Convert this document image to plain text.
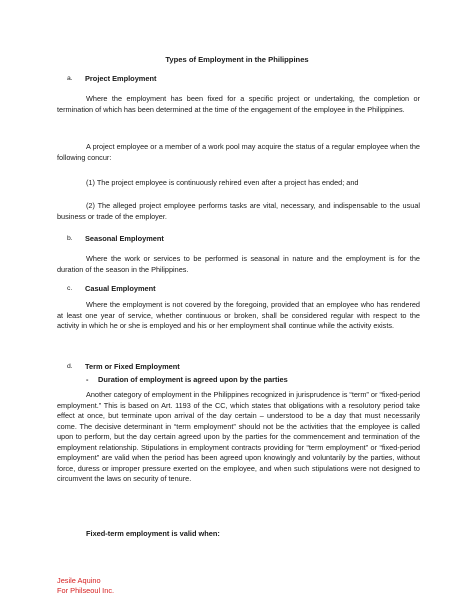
Types of Employment in the Philippines
a. Project Employment

Where the employment has been fixed for a specific project or undertaking, the completion or termination of which has been determined at the time of the engagement of the employee in the Philippines.

A project employee or a member of a work pool may acquire the status of a regular employee when the following concur:

(1) The project employee is continuously rehired even after a project has ended; and

(2) The alleged project employee performs tasks are vital, necessary, and indispensable to the usual business or trade of the employer.

b. Seasonal Employment

Where the work or services to be performed is seasonal in nature and the employment is for the duration of the season in the Philippines.

c. Casual Employment

Where the employment is not covered by the foregoing, provided that an employee who has rendered at least one year of service, whether continuous or broken, shall be considered regular with respect to the activity in which he or she is employed and his or her employment shall continue while the activity exists.

d. Term or Fixed Employment
- Duration of employment is agreed upon by the parties

Another category of employment in the Philippines recognized in jurisprudence is “term” or “fixed-period employment.” This is based on Art. 1193 of the CC, which states that obligations with a resolutory period take effect at once, but terminate upon arrival of the day certain – understood to be a day that must necessarily come. The decisive determinant in “term employment” should not be the activities that the employee is called upon to perform, but the day certain agreed upon by the parties for the commencement and termination of the employment relationship. Stipulations in employment contracts providing for “term employment” or “fixed-period employment” are valid when the period has been agreed upon knowingly and voluntarily by the parties, without force, duress or improper pressure exerted on the employee, and when such stipulations were not designed to circumvent the laws on security of tenure.

Fixed-term employment is valid when:
Jesile Aquino
For Philseoul Inc.
